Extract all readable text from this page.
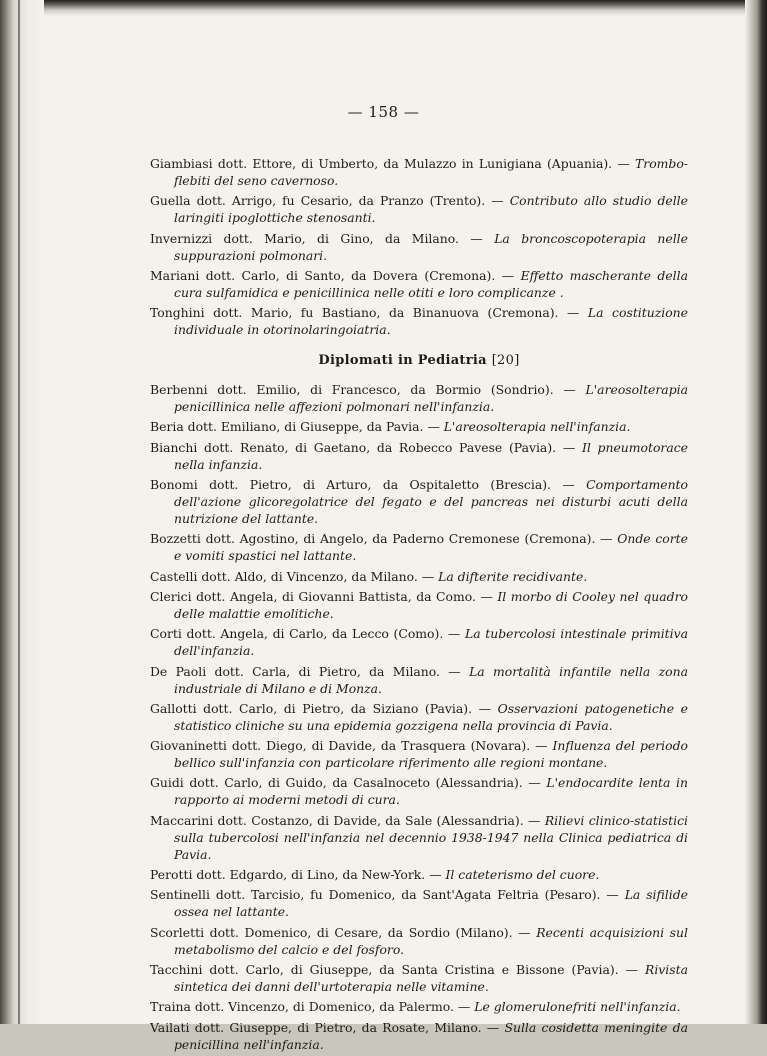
— 158 —

Giambiasi dott. Ettore, di Umberto, da Mulazzo in Lunigiana (Apuania). — Trombo-flebiti del seno cavernoso.

Guella dott. Arrigo, fu Cesario, da Pranzo (Trento). — Contributo allo studio delle laringiti ipoglottiche stenosanti.

Invernizzi dott. Mario, di Gino, da Milano. — La broncoscopoterapia nelle suppurazioni polmonari.

Mariani dott. Carlo, di Santo, da Dovera (Cremona). — Effetto mascherante della cura sulfamidica e penicillinica nelle otiti e loro complicanze .

Tonghini dott. Mario, fu Bastiano, da Binanuova (Cremona). — La costituzione individuale in otorinolaringoiatria.

Diplomati in Pediatria [20]

Berbenni dott. Emilio, di Francesco, da Bormio (Sondrio). — L'areosolterapia penicillinica nelle affezioni polmonari nell'infanzia.

Beria dott. Emiliano, di Giuseppe, da Pavia. — L'areosolterapia nell'infanzia.

Bianchi dott. Renato, di Gaetano, da Robecco Pavese (Pavia). — Il pneumotorace nella infanzia.

Bonomi dott. Pietro, di Arturo, da Ospitaletto (Brescia). — Comportamento dell'azione glicoregolatrice del fegato e del pancreas nei disturbi acuti della nutrizione del lattante.

Bozzetti dott. Agostino, di Angelo, da Paderno Cremonese (Cremona). — Onde corte e vomiti spastici nel lattante.

Castelli dott. Aldo, di Vincenzo, da Milano. — La difterite recidivante.

Clerici dott. Angela, di Giovanni Battista, da Como. — Il morbo di Cooley nel quadro delle malattie emolitiche.

Corti dott. Angela, di Carlo, da Lecco (Como). — La tubercolosi intestinale primitiva dell'infanzia.

De Paoli dott. Carla, di Pietro, da Milano. — La mortalità infantile nella zona industriale di Milano e di Monza.

Gallotti dott. Carlo, di Pietro, da Siziano (Pavia). — Osservazioni patogenetiche e statistico cliniche su una epidemia gozzigena nella provincia di Pavia.

Giovaninetti dott. Diego, di Davide, da Trasquera (Novara). — Influenza del periodo bellico sull'infanzia con particolare riferimento alle regioni montane.

Guidi dott. Carlo, di Guido, da Casalnoceto (Alessandria). — L'endocardite lenta in rapporto ai moderni metodi di cura.

Maccarini dott. Costanzo, di Davide, da Sale (Alessandria). — Rilievi clinico-statistici sulla tubercolosi nell'infanzia nel decennio 1938-1947 nella Clinica pediatrica di Pavia.

Perotti dott. Edgardo, di Lino, da New-York. — Il cateterismo del cuore.

Sentinelli dott. Tarcisio, fu Domenico, da Sant'Agata Feltria (Pesaro). — La sifilide ossea nel lattante.

Scorletti dott. Domenico, di Cesare, da Sordio (Milano). — Recenti acquisizioni sul metabolismo del calcio e del fosforo.

Tacchini dott. Carlo, di Giuseppe, da Santa Cristina e Bissone (Pavia). — Rivista sintetica dei danni dell'urtoterapia nelle vitamine.

Traina dott. Vincenzo, di Domenico, da Palermo. — Le glomerulonefriti nell'infanzia.

Vailati dott. Giuseppe, di Pietro, da Rosate, Milano. — Sulla cosidetta meningite da penicillina nell'infanzia.
